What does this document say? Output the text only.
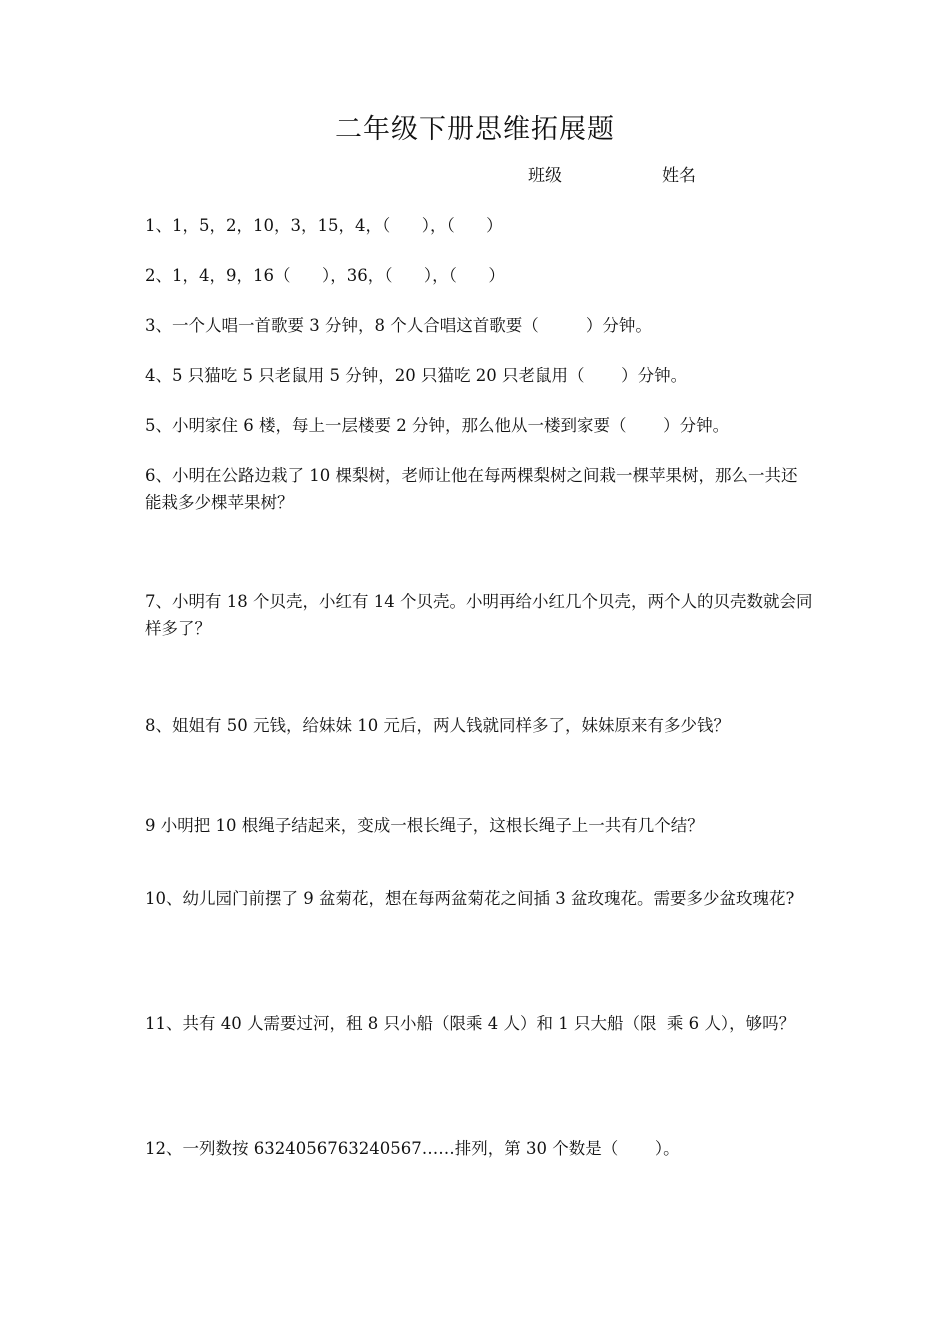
二年级下册思维拓展题
班级	姓名

1、1，5，2，10，3，15，4，（      ），（      ）

2、1，4，9，16（      ），36，（      ），（      ）

3、一个人唱一首歌要 3 分钟，8 个人合唱这首歌要（         ）分钟。

4、5 只猫吃 5 只老鼠用 5 分钟，20 只猫吃 20 只老鼠用（       ）分钟。

5、小明家住 6 楼，每上一层楼要 2 分钟，那么他从一楼到家要（       ）分钟。

6、小明在公路边栽了 10 棵梨树，老师让他在每两棵梨树之间栽一棵苹果树，那么一共还能栽多少棵苹果树？

7、小明有 18 个贝壳，小红有 14 个贝壳。小明再给小红几个贝壳，两个人的贝壳数就会同样多了？

8、姐姐有 50 元钱，给妹妹 10 元后，两人钱就同样多了，妹妹原来有多少钱？

9 小明把 10 根绳子结起来，变成一根长绳子，这根长绳子上一共有几个结？

10、幼儿园门前摆了 9 盆菊花，想在每两盆菊花之间插 3 盆玫瑰花。需要多少盆玫瑰花?

11、共有 40 人需要过河，租 8 只小船（限乘 4 人）和 1 只大船（限  乘 6 人），够吗？

12、一列数按 6324056763240567……排列，第 30 个数是（       ）。
